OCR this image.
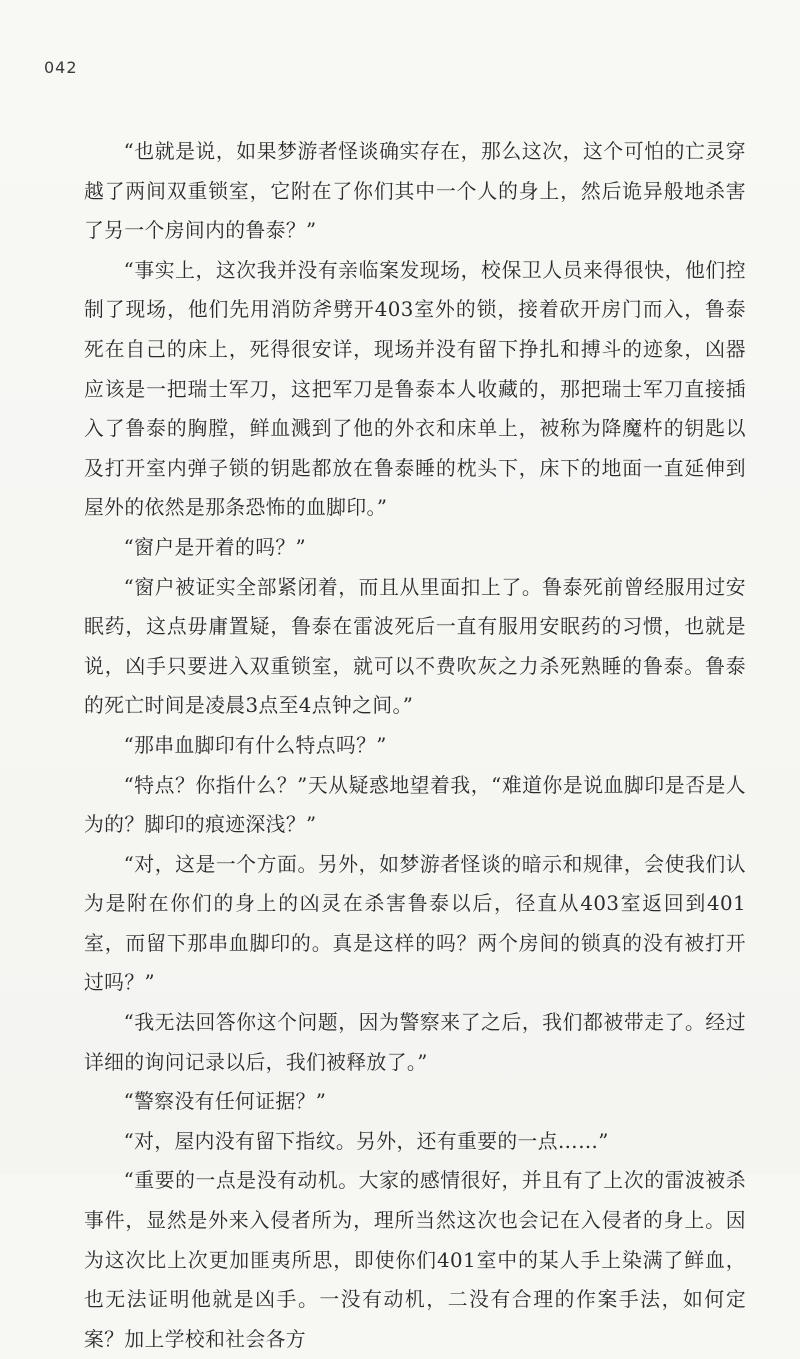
042

“也就是说，如果梦游者怪谈确实存在，那么这次，这个可怕的亡灵穿越了两间双重锁室，它附在了你们其中一个人的身上，然后诡异般地杀害了另一个房间内的鲁泰？”

“事实上，这次我并没有亲临案发现场，校保卫人员来得很快，他们控制了现场，他们先用消防斧劈开403室外的锁，接着砍开房门而入，鲁泰死在自己的床上，死得很安详，现场并没有留下挣扎和搏斗的迹象，凶器应该是一把瑞士军刀，这把军刀是鲁泰本人收藏的，那把瑞士军刀直接插入了鲁泰的胸膛，鲜血溅到了他的外衣和床单上，被称为降魔杵的钥匙以及打开室内弹子锁的钥匙都放在鲁泰睡的枕头下，床下的地面一直延伸到屋外的依然是那条恐怖的血脚印。”

“窗户是开着的吗？”

“窗户被证实全部紧闭着，而且从里面扣上了。鲁泰死前曾经服用过安眠药，这点毋庸置疑，鲁泰在雷波死后一直有服用安眠药的习惯，也就是说，凶手只要进入双重锁室，就可以不费吹灰之力杀死熟睡的鲁泰。鲁泰的死亡时间是凌晨3点至4点钟之间。”

“那串血脚印有什么特点吗？”

“特点？你指什么？”天从疑惑地望着我，“难道你是说血脚印是否是人为的？脚印的痕迹深浅？”

“对，这是一个方面。另外，如梦游者怪谈的暗示和规律，会使我们认为是附在你们的身上的凶灵在杀害鲁泰以后，径直从403室返回到401室，而留下那串血脚印的。真是这样的吗？两个房间的锁真的没有被打开过吗？”

“我无法回答你这个问题，因为警察来了之后，我们都被带走了。经过详细的询问记录以后，我们被释放了。”

“警察没有任何证据？”

“对，屋内没有留下指纹。另外，还有重要的一点……”

“重要的一点是没有动机。大家的感情很好，并且有了上次的雷波被杀事件，显然是外来入侵者所为，理所当然这次也会记在入侵者的身上。因为这次比上次更加匪夷所思，即使你们401室中的某人手上染满了鲜血，也无法证明他就是凶手。一没有动机，二没有合理的作案手法，如何定案？加上学校和社会各方
